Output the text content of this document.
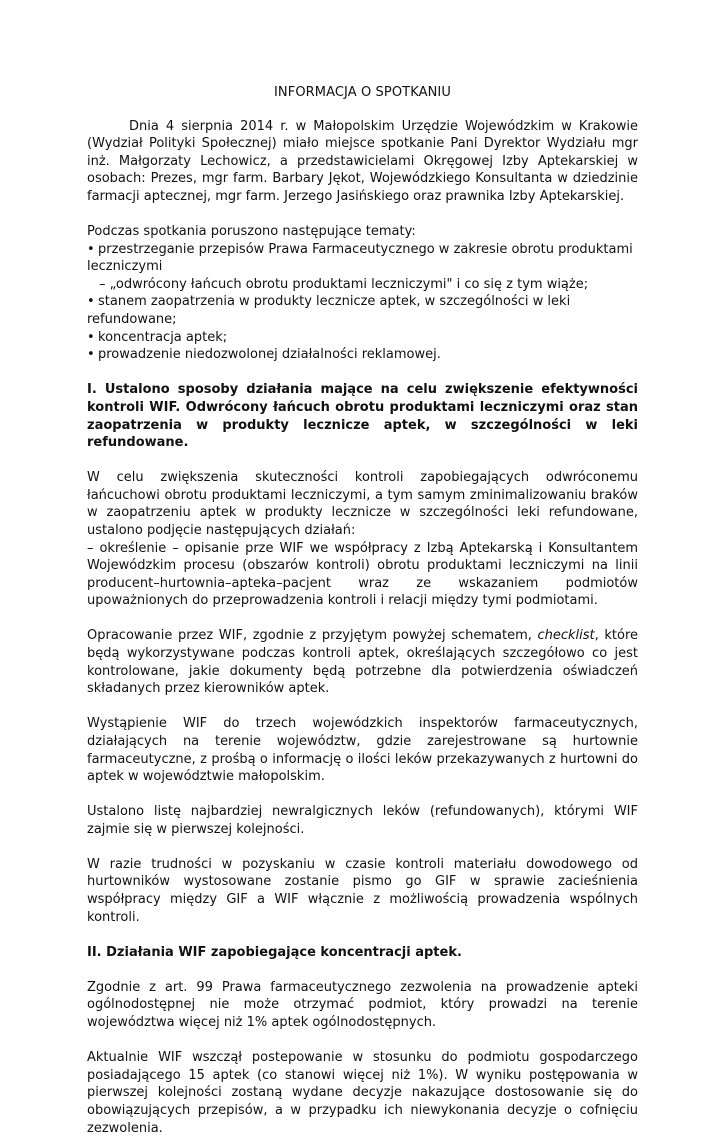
INFORMACJA O SPOTKANIU

Dnia 4 sierpnia 2014 r. w Małopolskim Urzędzie Wojewódzkim w Krakowie (Wydział Polityki Społecznej) miało miejsce spotkanie Pani Dyrektor Wydziału mgr inż. Małgorzaty Lechowicz, a przedstawicielami Okręgowej Izby Aptekarskiej w osobach: Prezes, mgr farm. Barbary Jękot, Wojewódzkiego Konsultanta w dziedzinie farmacji aptecznej, mgr farm. Jerzego Jasińskiego oraz prawnika Izby Aptekarskiej.

Podczas spotkania poruszono następujące tematy:
• przestrzeganie przepisów Prawa Farmaceutycznego w zakresie obrotu produktami leczniczymi
– „odwrócony łańcuch obrotu produktami leczniczymi" i co się z tym wiąże;
• stanem zaopatrzenia w produkty lecznicze aptek, w szczególności w leki refundowane;
• koncentracja aptek;
• prowadzenie niedozwolonej działalności reklamowej.
I. Ustalono sposoby działania mające na celu zwiększenie efektywności kontroli WIF. Odwrócony łańcuch obrotu produktami leczniczymi oraz stan zaopatrzenia w produkty lecznicze aptek, w szczególności w leki refundowane.

W celu zwiększenia skuteczności kontroli zapobiegających odwróconemu łańcuchowi obrotu produktami leczniczymi, a tym samym zminimalizowaniu braków w zaopatrzeniu aptek w produkty lecznicze w szczególności leki refundowane, ustalono podjęcie następujących działań:
– określenie – opisanie prze WIF we współpracy z Izbą Aptekarską i Konsultantem Wojewódzkim procesu (obszarów kontroli) obrotu produktami leczniczymi na linii producent–hurtownia–apteka–pacjent wraz ze wskazaniem podmiotów upoważnionych do przeprowadzenia kontroli i relacji między tymi podmiotami.

Opracowanie przez WIF, zgodnie z przyjętym powyżej schematem, checklist, które będą wykorzystywane podczas kontroli aptek, określających szczegółowo co jest kontrolowane, jakie dokumenty będą potrzebne dla potwierdzenia oświadczeń składanych przez kierowników aptek.

Wystąpienie WIF do trzech wojewódzkich inspektorów farmaceutycznych, działających na terenie województw, gdzie zarejestrowane są hurtownie farmaceutyczne, z prośbą o informację o ilości leków przekazywanych z hurtowni do aptek w województwie małopolskim.

Ustalono listę najbardziej newralgicznych leków (refundowanych), którymi WIF zajmie się w pierwszej kolejności.

W razie trudności w pozyskaniu w czasie kontroli materiału dowodowego od hurtowników wystosowane zostanie pismo go GIF w sprawie zacieśnienia współpracy między GIF a WIF włącznie z możliwością prowadzenia wspólnych kontroli.

II. Działania WIF zapobiegające koncentracji aptek.

Zgodnie z art. 99 Prawa farmaceutycznego zezwolenia na prowadzenie apteki ogólnodostępnej nie może otrzymać podmiot, który prowadzi na terenie województwa więcej niż 1% aptek ogólnodostępnych.

Aktualnie WIF wszczął postepowanie w stosunku do podmiotu gospodarczego posiadającego 15 aptek (co stanowi więcej niż 1%). W wyniku postępowania w pierwszej kolejności zostaną wydane decyzje nakazujące dostosowanie się do obowiązujących przepisów, a w przypadku ich niewykonania decyzje o cofnięciu zezwolenia.
